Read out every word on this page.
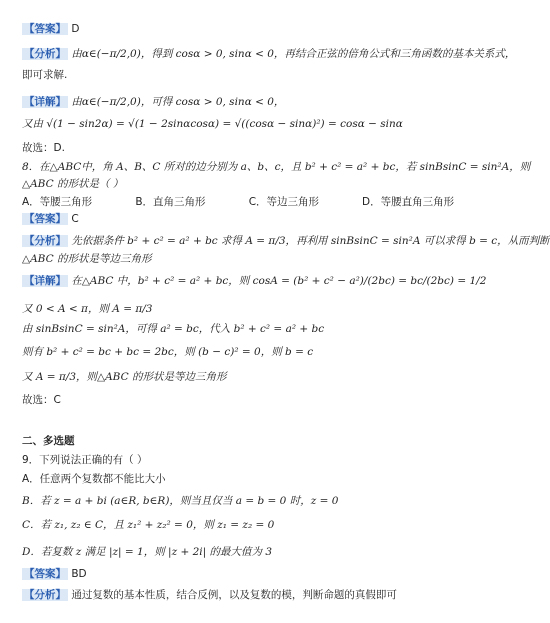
【答案】 D
【分析】 由α∈(−π/2,0)，得到 cosα > 0, sinα < 0，再结合正弦的倍角公式和三角函数的基本关系式，
即可求解.
【详解】 由α∈(−π/2,0)，可得 cosα > 0, sinα < 0，
又由 √(1 − sin2α) = √(1 − 2sinαcosα) = √((cosα − sinα)²) = cosα − sinα
故选：D.
8．在△ABC中，角 A、B、C 所对的边分别为 a、b、c，且 b² + c² = a² + bc，若 sinBsinC = sin²A，则
△ABC 的形状是（ ）
A．等腰三角形	B．直角三角形	C．等边三角形	D．等腰直角三角形
【答案】 C
【分析】 先依据条件 b² + c² = a² + bc 求得 A = π/3，再利用 sinBsinC = sin²A 可以求得 b = c，从而判断
△ABC 的形状是等边三角形
【详解】 在△ABC 中，b² + c² = a² + bc，则 cosA = (b² + c² − a²)/(2bc) = bc/(2bc) = 1/2
又 0 < A < π，则 A = π/3
由 sinBsinC = sin²A，可得 a² = bc，代入 b² + c² = a² + bc
则有 b² + c² = bc + bc = 2bc，则 (b − c)² = 0，则 b = c
又 A = π/3，则△ABC 的形状是等边三角形
故选：C
二、多选题
9．下列说法正确的有（ ）
A．任意两个复数都不能比大小
B．若 z = a + bi (a∈R, b∈R)，则当且仅当 a = b = 0 时，z = 0
C．若 z₁, z₂ ∈ C，且 z₁² + z₂² = 0，则 z₁ = z₂ = 0
D．若复数 z 满足 |z| = 1，则 |z + 2i| 的最大值为 3
【答案】 BD
【分析】 通过复数的基本性质，结合反例，以及复数的模，判断命题的真假即可
